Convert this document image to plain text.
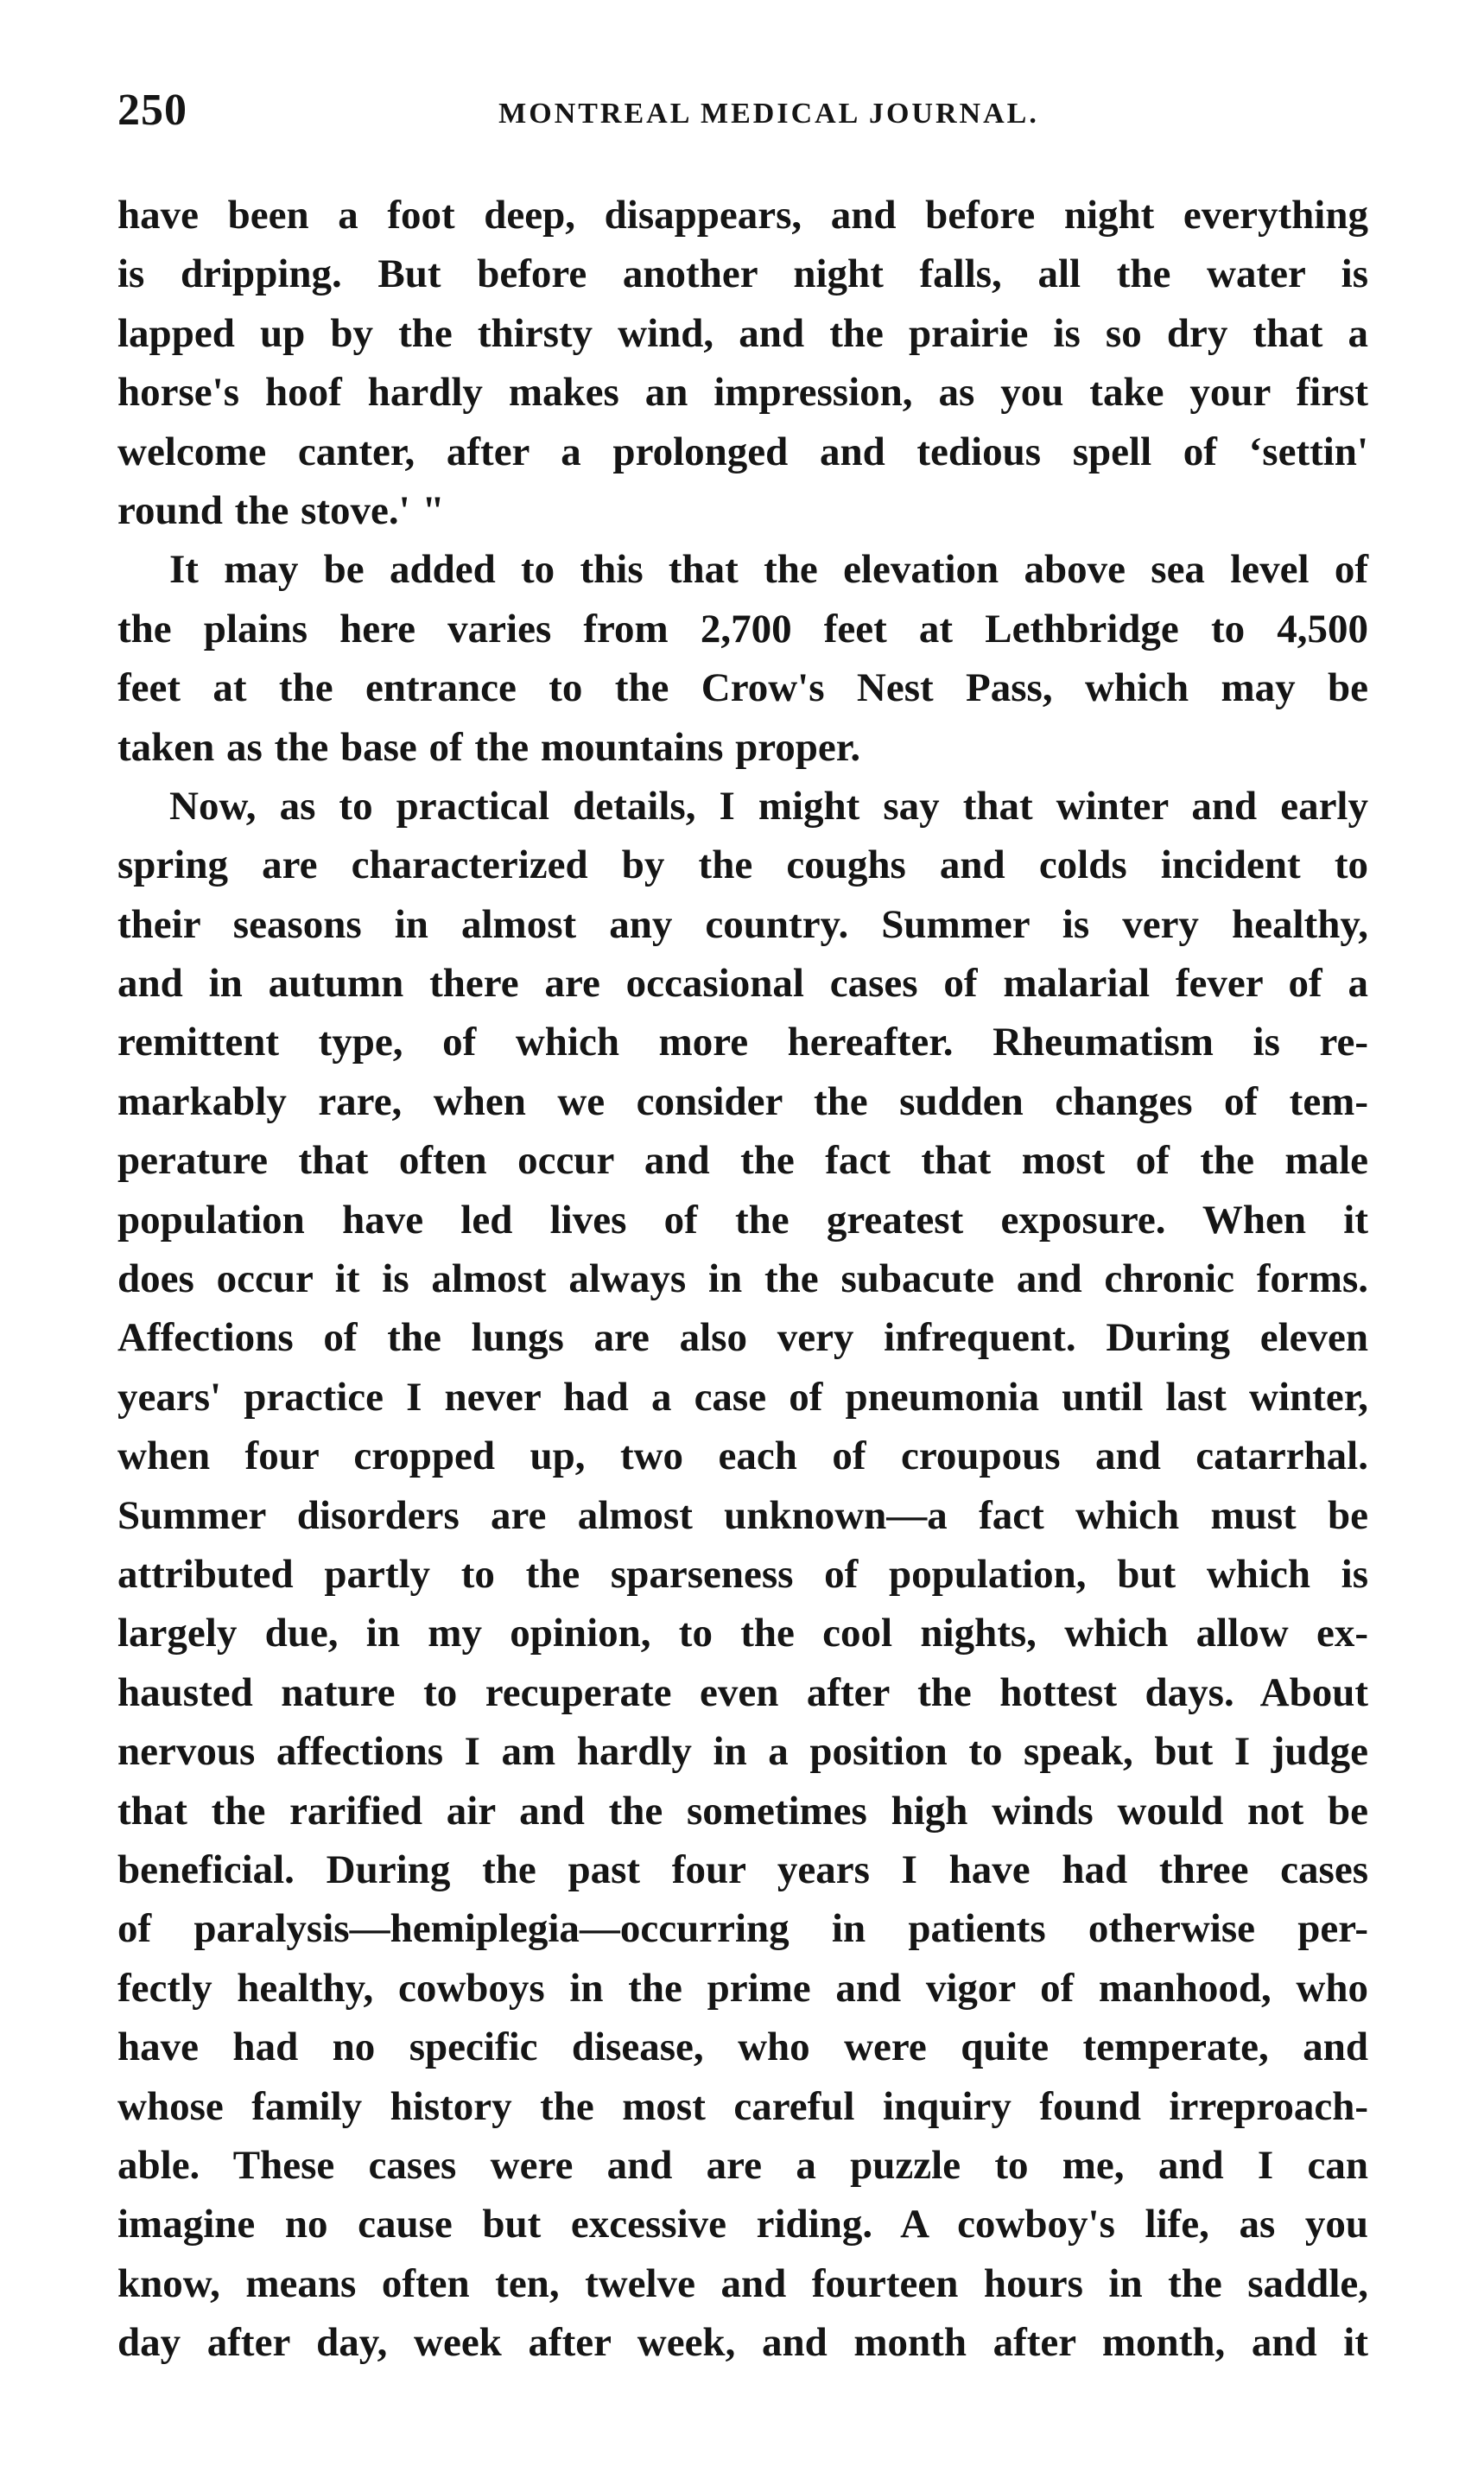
250	MONTREAL MEDICAL JOURNAL.
have been a foot deep, disappears, and before night everything
is dripping. But before another night falls, all the water is
lapped up by the thirsty wind, and the prairie is so dry that a
horse's hoof hardly makes an impression, as you take your first
welcome canter, after a prolonged and tedious spell of ‘settin'
round the stove.' "
It may be added to this that the elevation above sea level of
the plains here varies from 2,700 feet at Lethbridge to 4,500
feet at the entrance to the Crow's Nest Pass, which may be
taken as the base of the mountains proper.
Now, as to practical details, I might say that winter and early
spring are characterized by the coughs and colds incident to
their seasons in almost any country. Summer is very healthy,
and in autumn there are occasional cases of malarial fever of a
remittent type, of which more hereafter. Rheumatism is re-
markably rare, when we consider the sudden changes of tem-
perature that often occur and the fact that most of the male
population have led lives of the greatest exposure. When it
does occur it is almost always in the subacute and chronic forms.
Affections of the lungs are also very infrequent. During eleven
years' practice I never had a case of pneumonia until last winter,
when four cropped up, two each of croupous and catarrhal.
Summer disorders are almost unknown—a fact which must be
attributed partly to the sparseness of population, but which is
largely due, in my opinion, to the cool nights, which allow ex-
hausted nature to recuperate even after the hottest days. About
nervous affections I am hardly in a position to speak, but I judge
that the rarified air and the sometimes high winds would not be
beneficial. During the past four years I have had three cases
of paralysis—hemiplegia—occurring in patients otherwise per-
fectly healthy, cowboys in the prime and vigor of manhood, who
have had no specific disease, who were quite temperate, and
whose family history the most careful inquiry found irreproach-
able. These cases were and are a puzzle to me, and I can
imagine no cause but excessive riding. A cowboy's life, as you
know, means often ten, twelve and fourteen hours in the saddle,
day after day, week after week, and month after month, and it
